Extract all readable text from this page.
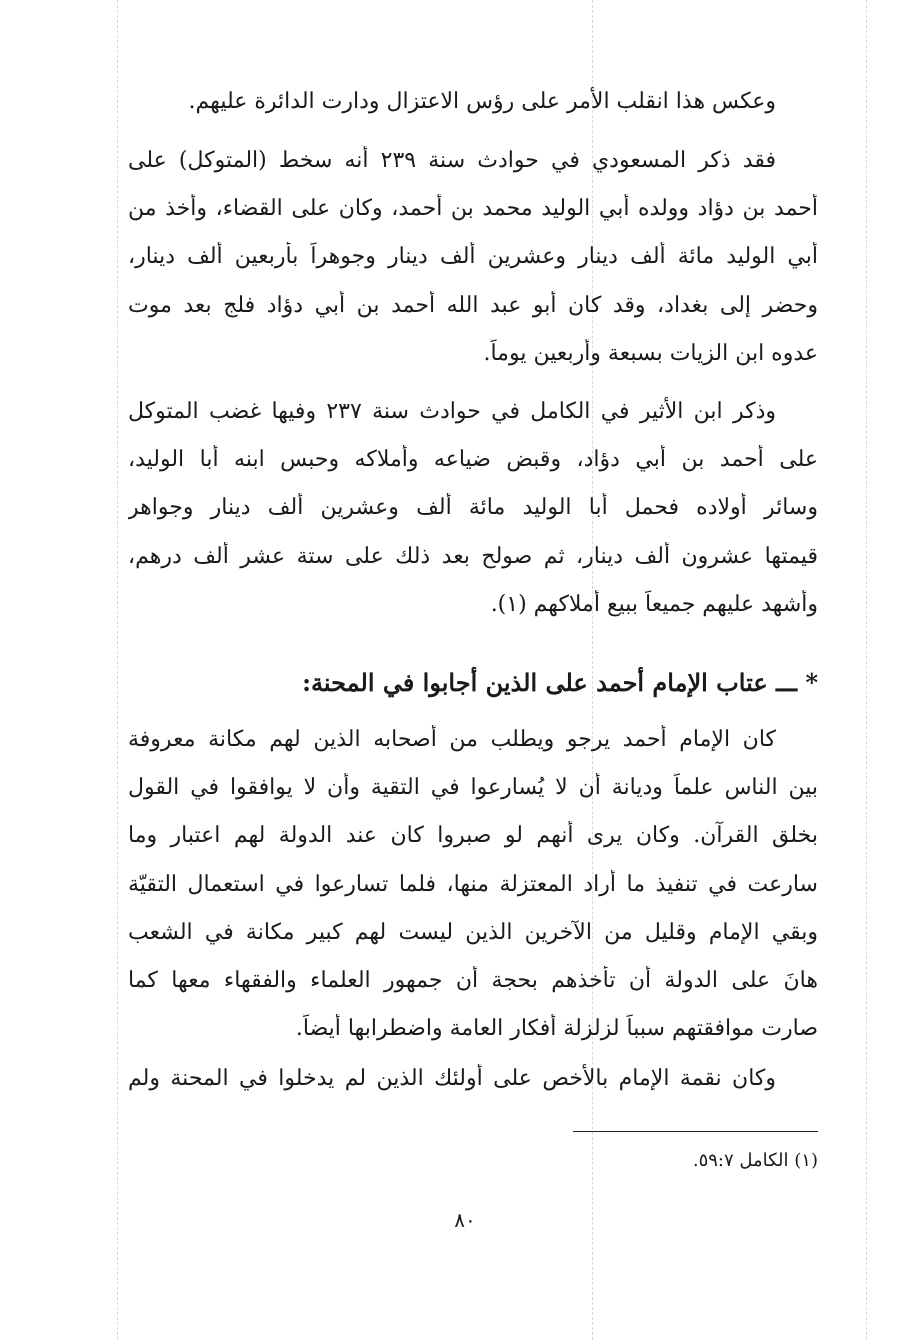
وعكس هذا انقلب الأمر على رؤس الاعتزال ودارت الدائرة عليهم.
فقد ذكر المسعودي في حوادث سنة ٢٣٩ أنه سخط (المتوكل) على
أحمد بن دؤاد وولده أبي الوليد محمد بن أحمد، وكان على القضاء، وأخذ من
أبي الوليد مائة ألف دينار وعشرين ألف دينار وجوهراً بأربعين ألف دينار،
وحضر إلى بغداد، وقد كان أبو عبد الله أحمد بن أبي دؤاد فلج بعد موت
عدوه ابن الزيات بسبعة وأربعين يوماً.
وذكر ابن الأثير في الكامل في حوادث سنة ٢٣٧ وفيها غضب المتوكل
على أحمد بن أبي دؤاد، وقبض ضياعه وأملاكه وحبس ابنه أبا الوليد،
وسائر أولاده فحمل أبا الوليد مائة ألف وعشرين ألف دينار وجواهر
قيمتها عشرون ألف دينار، ثم صولح بعد ذلك على ستة عشر ألف درهم،
وأشهد عليهم جميعاً ببيع أملاكهم (١).
* ـــ عتاب الإمام أحمد على الذين أجابوا في المحنة:
كان الإمام أحمد يرجو ويطلب من أصحابه الذين لهم مكانة معروفة
بين الناس علماً وديانة أن لا يُسارعوا في التقية وأن لا يوافقوا في القول
بخلق القرآن. وكان يرى أنهم لو صبروا كان عند الدولة لهم اعتبار وما
سارعت في تنفيذ ما أراد المعتزلة منها، فلما تسارعوا في استعمال التقيّة
وبقي الإمام وقليل من الآخرين الذين ليست لهم كبير مكانة في الشعب
هانَ على الدولة أن تأخذهم بحجة أن جمهور العلماء والفقهاء معها كما
صارت موافقتهم سبباً لزلزلة أفكار العامة واضطرابها أيضاً.
وكان نقمة الإمام بالأخص على أولئك الذين لم يدخلوا في المحنة ولم
(١) الكامل ٥٩:٧.
٨٠
